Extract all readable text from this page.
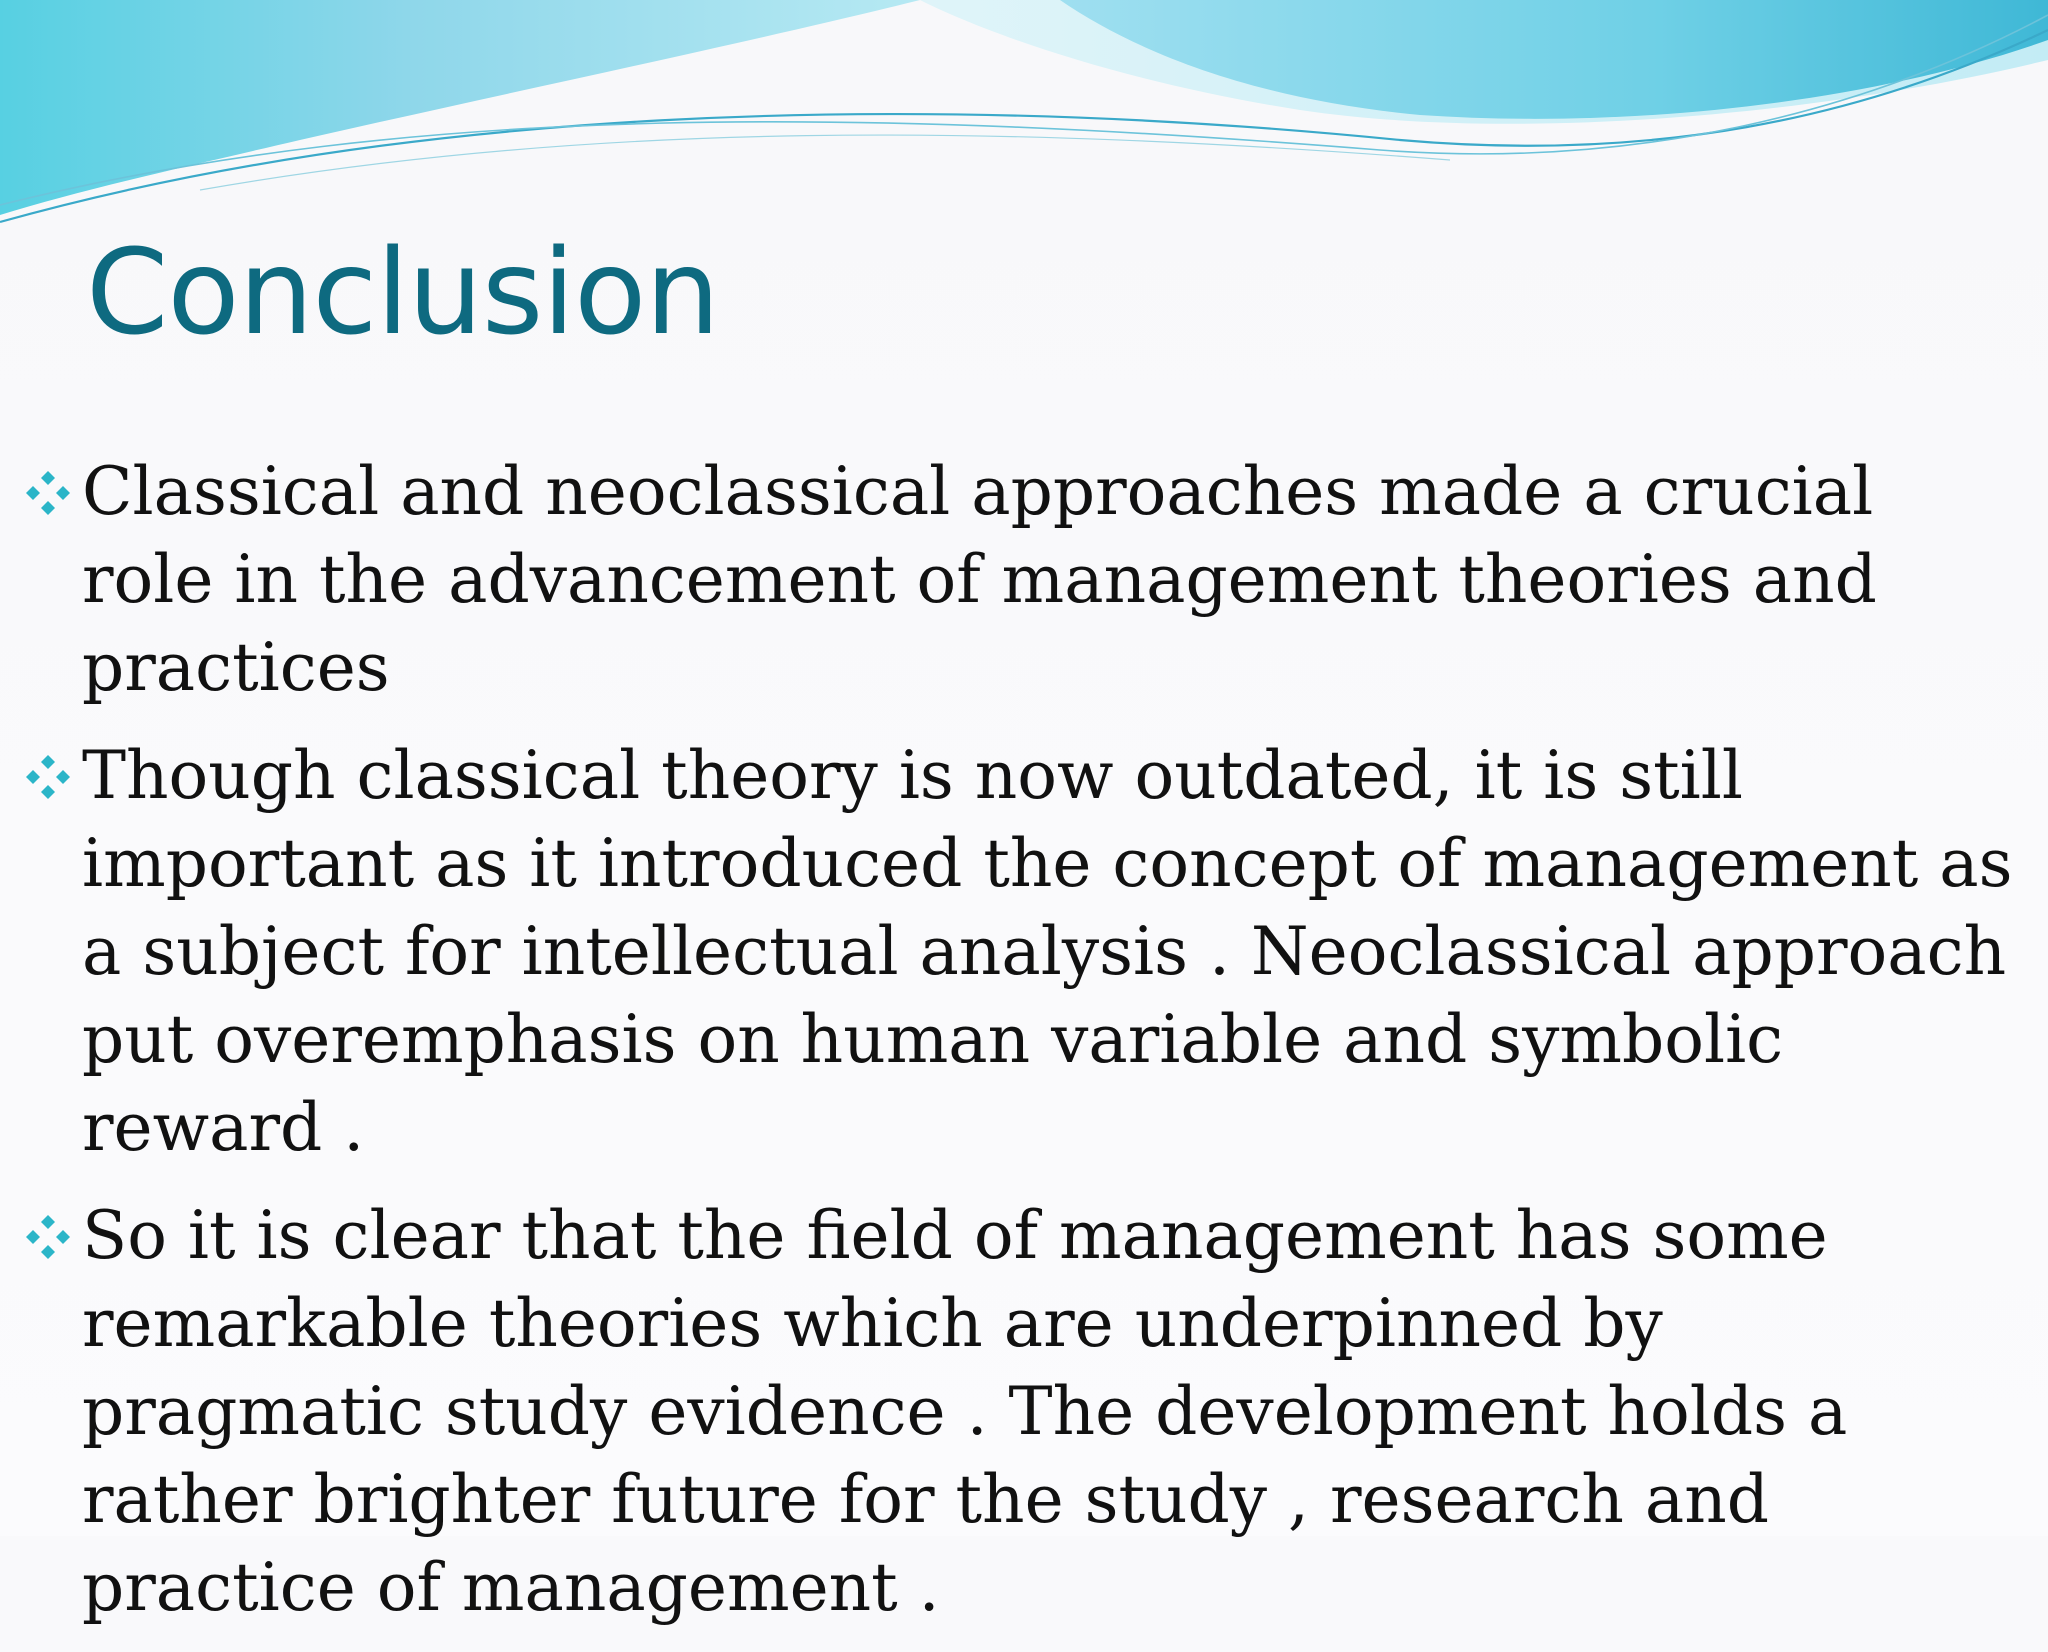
Conclusion
Classical and neoclassical approaches made a crucial role in the advancement of management theories and practices
Though classical theory is now outdated, it is still important as it introduced the concept of management as a subject for intellectual analysis . Neoclassical approach put overemphasis on human variable and symbolic reward .
So it is clear that the field of management has some remarkable theories which are underpinned by pragmatic study evidence . The development holds a rather brighter future for the study , research and practice of management .
